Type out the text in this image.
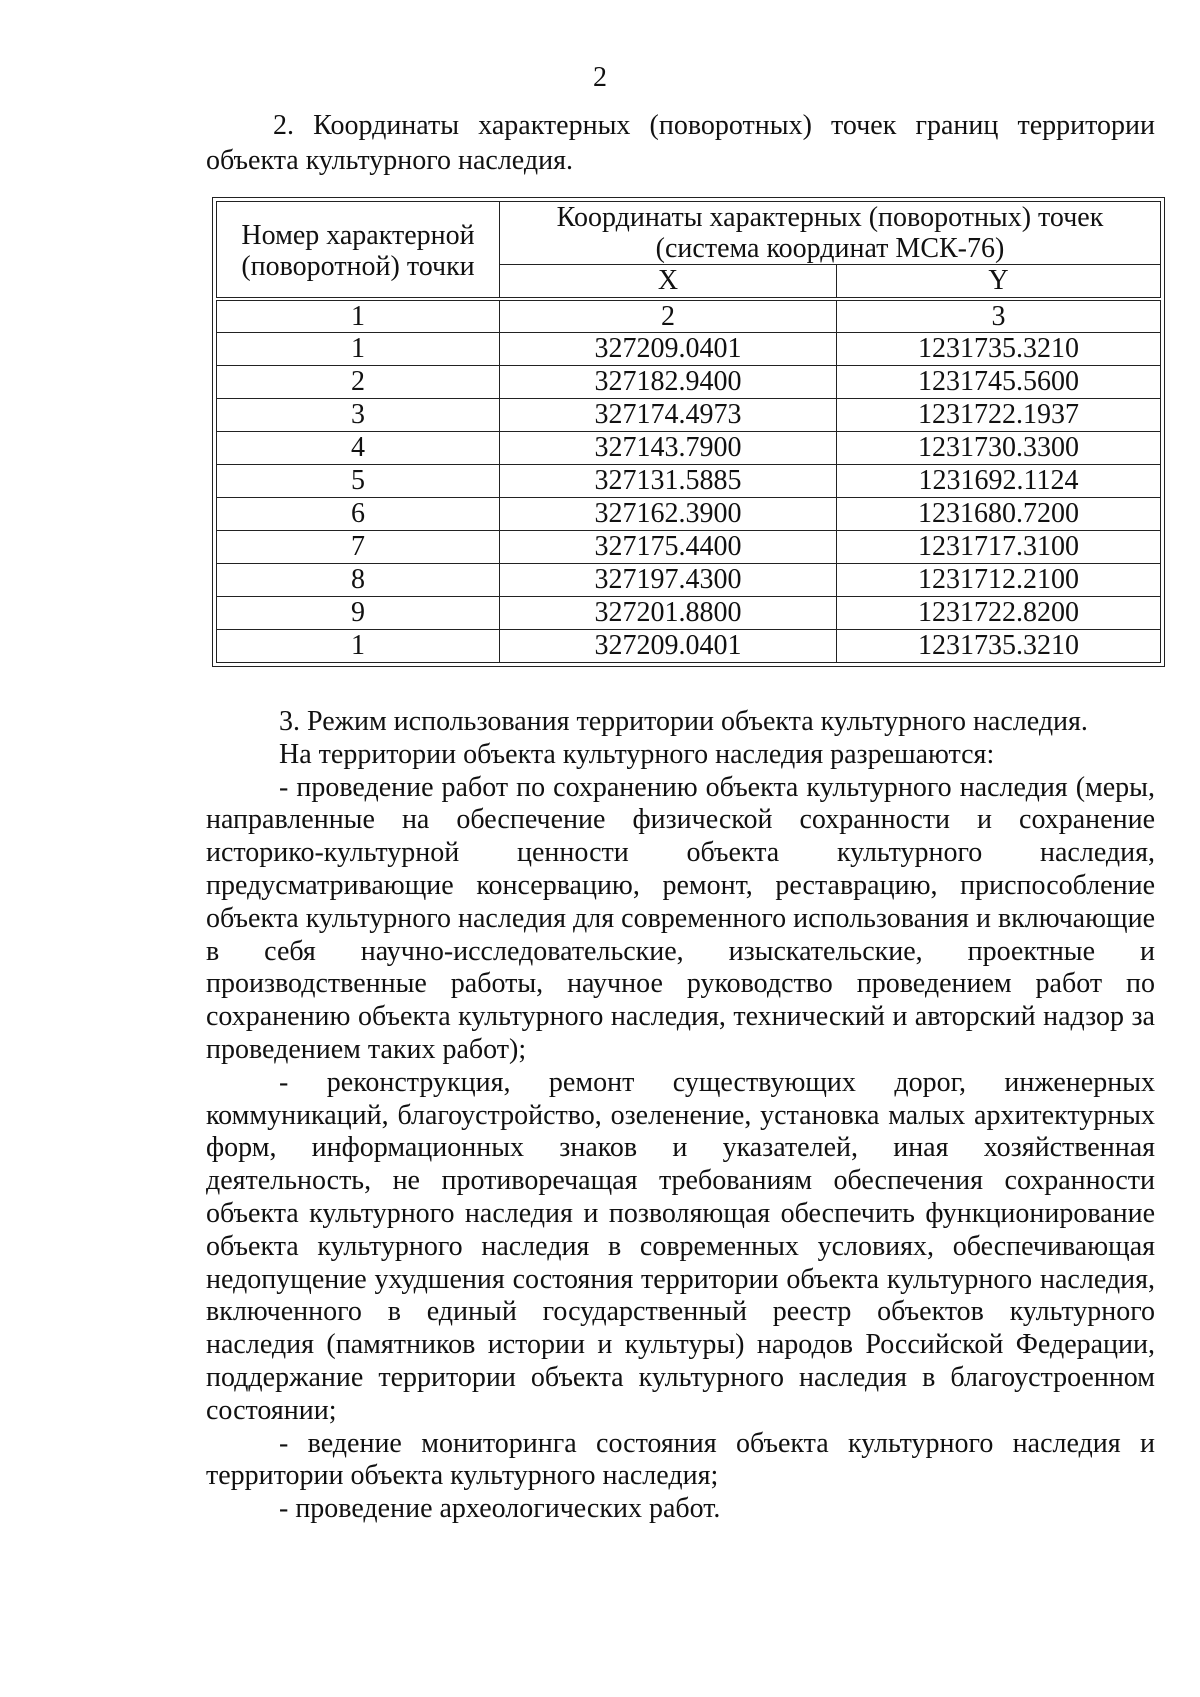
2
2. Координаты характерных (поворотных) точек границ территории объекта культурного наследия.
Номер характерной (поворотной) точки	Координаты характерных (поворотных) точек
(система координат МСК-76)	
	X	Y
1	2	3
1	327209.0401	1231735.3210
2	327182.9400	1231745.5600
3	327174.4973	1231722.1937
4	327143.7900	1231730.3300
5	327131.5885	1231692.1124
6	327162.3900	1231680.7200
7	327175.4400	1231717.3100
8	327197.4300	1231712.2100
9	327201.8800	1231722.8200
1	327209.0401	1231735.3210

3. Режим использования территории объекта культурного наследия.

На территории объекта культурного наследия разрешаются:

- проведение работ по сохранению объекта культурного наследия (меры, направленные на обеспечение физической сохранности и сохранение историко-культурной ценности объекта культурного наследия, предусматривающие консервацию, ремонт, реставрацию, приспособление объекта культурного наследия для современного использования и включающие в себя научно-исследовательские, изыскательские, проектные и производственные работы, научное руководство проведением работ по сохранению объекта культурного наследия, технический и авторский надзор за проведением таких работ);

- реконструкция, ремонт существующих дорог, инженерных коммуникаций, благоустройство, озеленение, установка малых архитектурных форм, информационных знаков и указателей, иная хозяйственная деятельность, не противоречащая требованиям обеспечения сохранности объекта культурного наследия и позволяющая обеспечить функционирование объекта культурного наследия в современных условиях, обеспечивающая недопущение ухудшения состояния территории объекта культурного наследия, включенного в единый государственный реестр объектов культурного наследия (памятников истории и культуры) народов Российской Федерации, поддержание территории объекта культурного наследия в благоустроенном состоянии;

- ведение мониторинга состояния объекта культурного наследия и территории объекта культурного наследия;

- проведение археологических работ.
